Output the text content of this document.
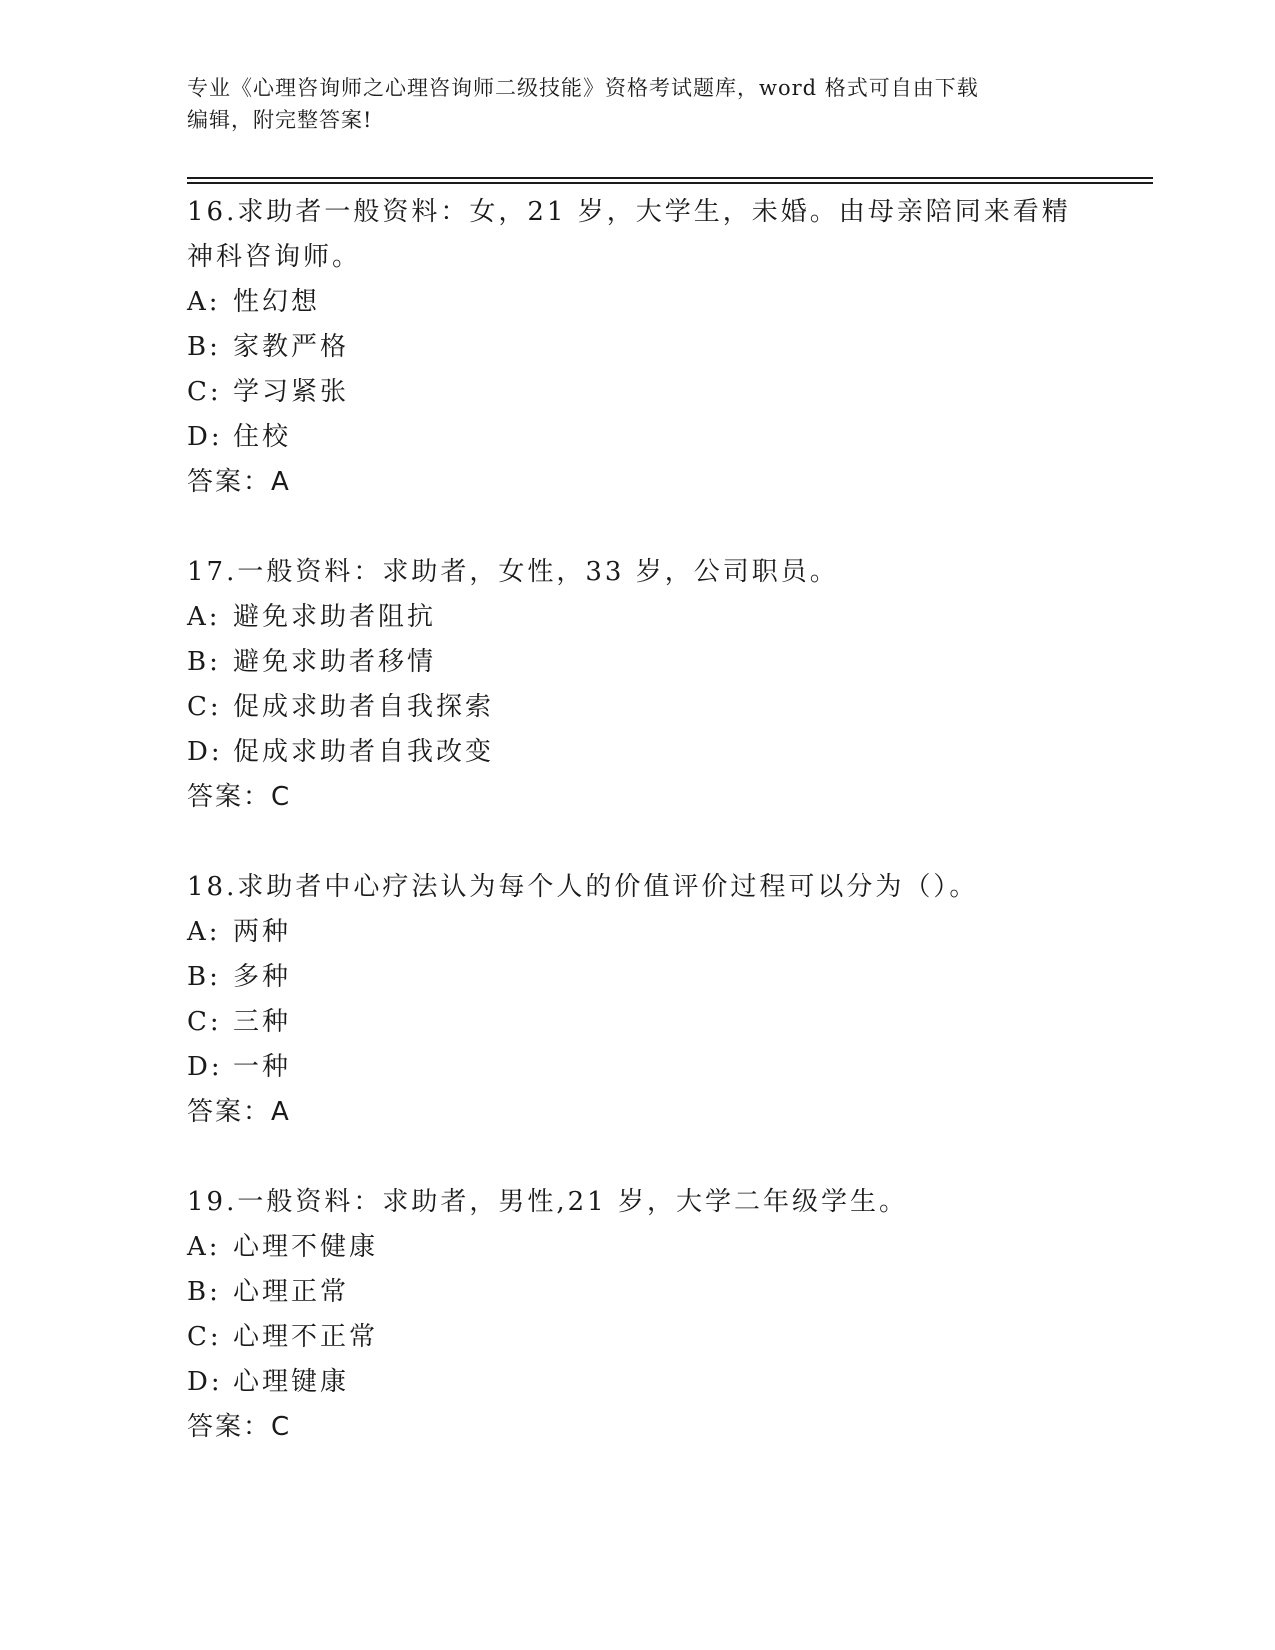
专业《心理咨询师之心理咨询师二级技能》资格考试题库，word 格式可自由下载
编辑，附完整答案!
16.求助者一般资料：女，21 岁，大学生，未婚。由母亲陪同来看精神科咨询师。
A: 性幻想
B: 家教严格
C: 学习紧张
D: 住校
答案：A
17.一般资料：求助者，女性，33 岁，公司职员。
A: 避免求助者阻抗
B: 避免求助者移情
C: 促成求助者自我探索
D: 促成求助者自我改变
答案：C
18.求助者中心疗法认为每个人的价值评价过程可以分为（）。
A: 两种
B: 多种
C: 三种
D: 一种
答案：A
19.一般资料：求助者，男性,21 岁，大学二年级学生。
A: 心理不健康
B: 心理正常
C: 心理不正常
D: 心理键康
答案：C
